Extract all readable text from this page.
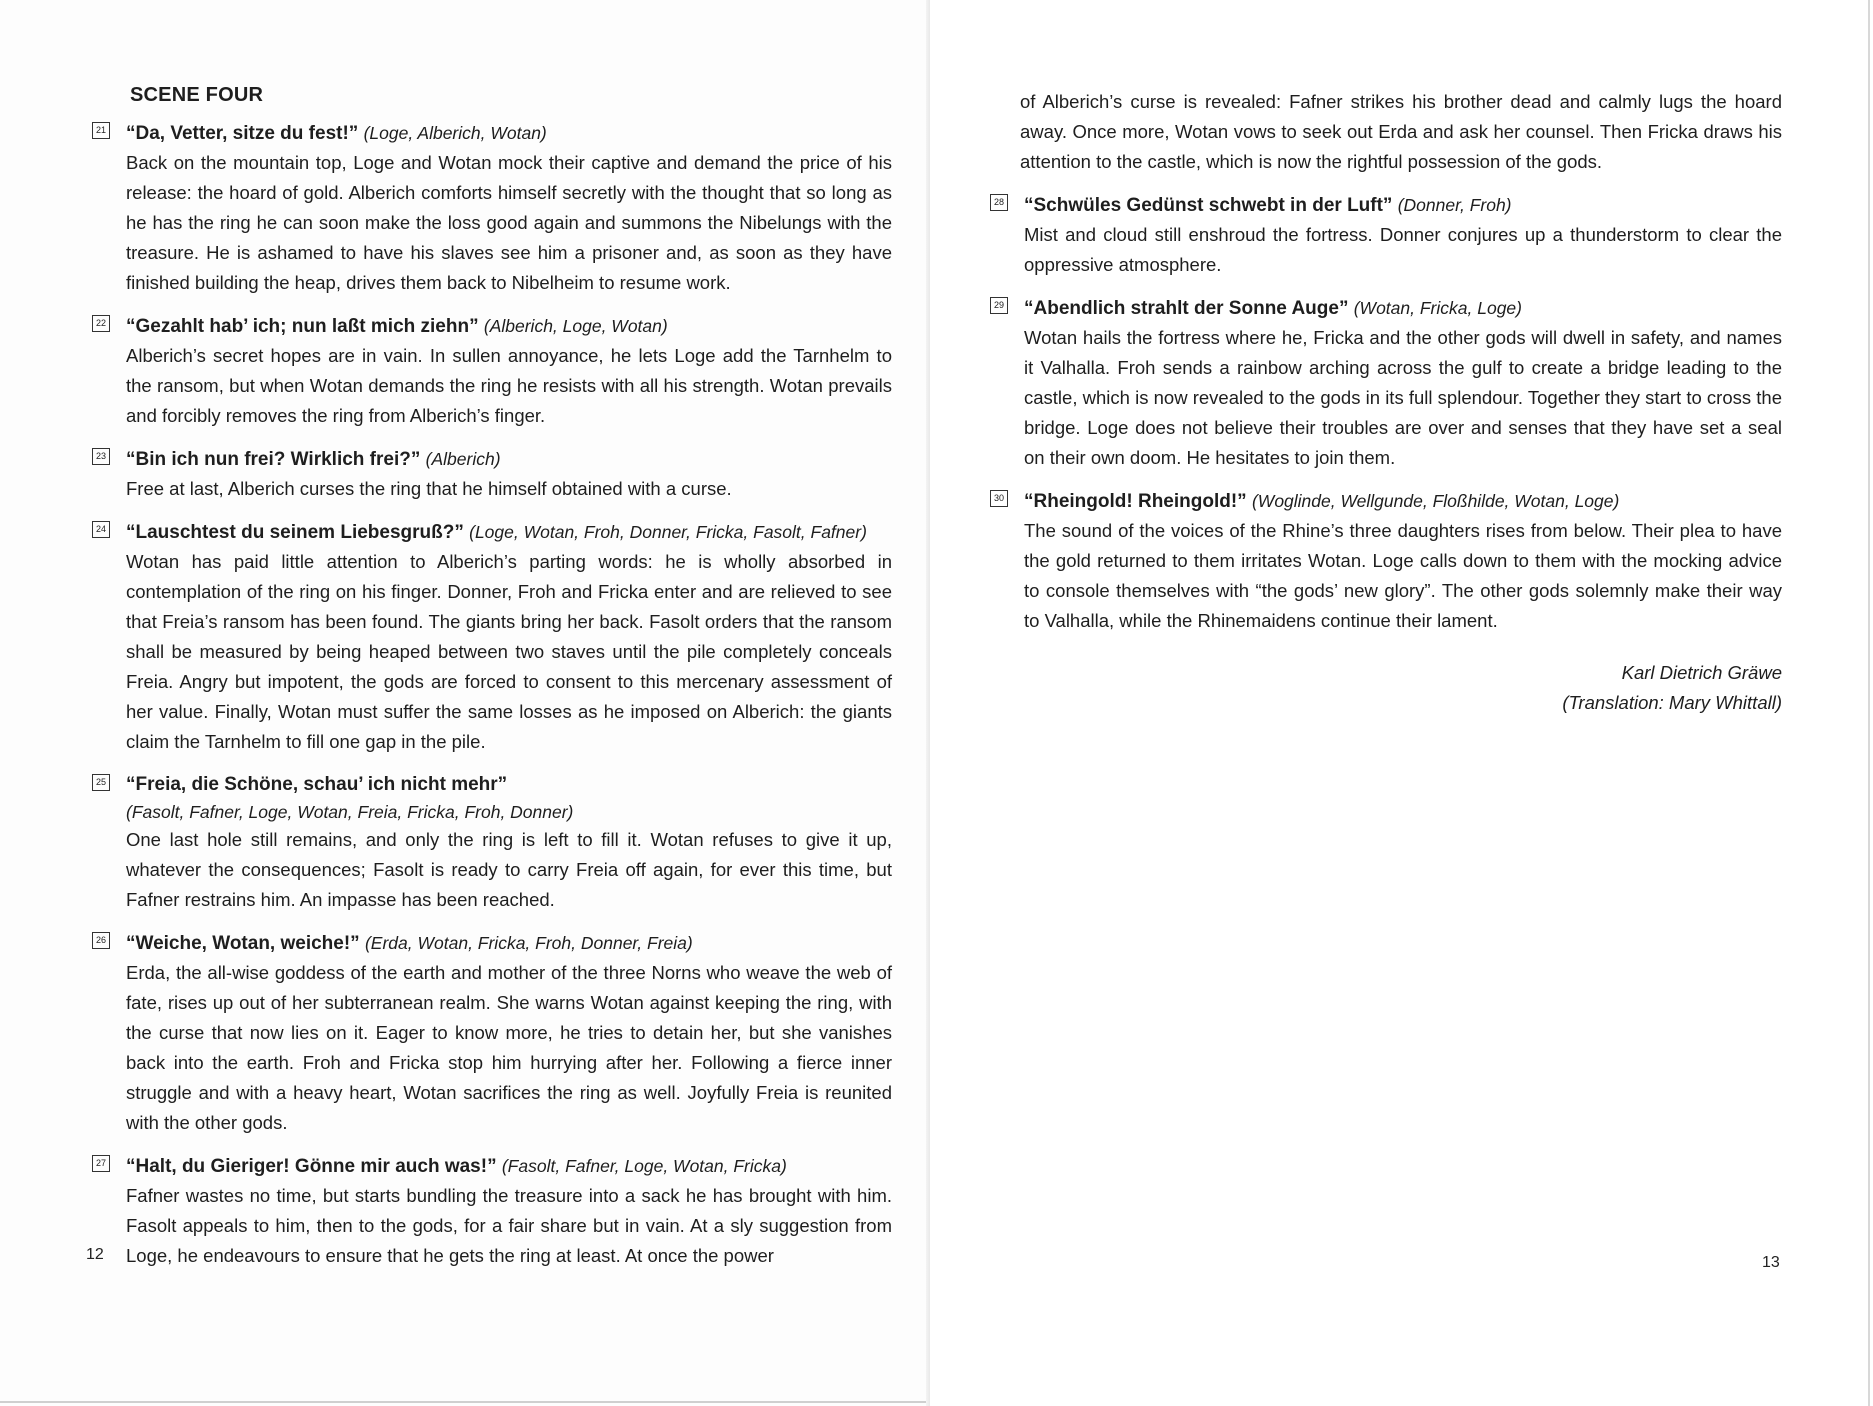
SCENE FOUR
21 “Da, Vetter, sitze du fest!” (Loge, Alberich, Wotan)

Back on the mountain top, Loge and Wotan mock their captive and demand the price of his release: the hoard of gold. Alberich comforts himself secretly with the thought that so long as he has the ring he can soon make the loss good again and summons the Nibelungs with the treasure. He is ashamed to have his slaves see him a prisoner and, as soon as they have finished building the heap, drives them back to Nibelheim to resume work.

22 “Gezahlt hab’ ich; nun laßt mich ziehn” (Alberich, Loge, Wotan)

Alberich’s secret hopes are in vain. In sullen annoyance, he lets Loge add the Tarnhelm to the ransom, but when Wotan demands the ring he resists with all his strength. Wotan prevails and forcibly removes the ring from Alberich’s finger.

23 “Bin ich nun frei? Wirklich frei?” (Alberich)

Free at last, Alberich curses the ring that he himself obtained with a curse.

24 “Lauschtest du seinem Liebesgruß?” (Loge, Wotan, Froh, Donner, Fricka, Fasolt, Fafner)

Wotan has paid little attention to Alberich’s parting words: he is wholly absorbed in contemplation of the ring on his finger. Donner, Froh and Fricka enter and are relieved to see that Freia’s ransom has been found. The giants bring her back. Fasolt orders that the ransom shall be measured by being heaped between two staves until the pile completely conceals Freia. Angry but impotent, the gods are forced to consent to this mercenary assessment of her value. Finally, Wotan must suffer the same losses as he imposed on Alberich: the giants claim the Tarnhelm to fill one gap in the pile.

25 “Freia, die Schöne, schau’ ich nicht mehr”
(Fasolt, Fafner, Loge, Wotan, Freia, Fricka, Froh, Donner)

One last hole still remains, and only the ring is left to fill it. Wotan refuses to give it up, whatever the consequences; Fasolt is ready to carry Freia off again, for ever this time, but Fafner restrains him. An impasse has been reached.

26 “Weiche, Wotan, weiche!” (Erda, Wotan, Fricka, Froh, Donner, Freia)

Erda, the all-wise goddess of the earth and mother of the three Norns who weave the web of fate, rises up out of her subterranean realm. She warns Wotan against keeping the ring, with the curse that now lies on it. Eager to know more, he tries to detain her, but she vanishes back into the earth. Froh and Fricka stop him hurrying after her. Following a fierce inner struggle and with a heavy heart, Wotan sacrifices the ring as well. Joyfully Freia is reunited with the other gods.

27 “Halt, du Gieriger! Gönne mir auch was!” (Fasolt, Fafner, Loge, Wotan, Fricka)

Fafner wastes no time, but starts bundling the treasure into a sack he has brought with him. Fasolt appeals to him, then to the gods, for a fair share but in vain. At a sly suggestion from Loge, he endeavours to ensure that he gets the ring at least. At once the power

12

of Alberich’s curse is revealed: Fafner strikes his brother dead and calmly lugs the hoard away. Once more, Wotan vows to seek out Erda and ask her counsel. Then Fricka draws his attention to the castle, which is now the rightful possession of the gods.

28 “Schwüles Gedünst schwebt in der Luft” (Donner, Froh)

Mist and cloud still enshroud the fortress. Donner conjures up a thunderstorm to clear the oppressive atmosphere.

29 “Abendlich strahlt der Sonne Auge” (Wotan, Fricka, Loge)

Wotan hails the fortress where he, Fricka and the other gods will dwell in safety, and names it Valhalla. Froh sends a rainbow arching across the gulf to create a bridge leading to the castle, which is now revealed to the gods in its full splendour. Together they start to cross the bridge. Loge does not believe their troubles are over and senses that they have set a seal on their own doom. He hesitates to join them.

30 “Rheingold! Rheingold!” (Woglinde, Wellgunde, Floßhilde, Wotan, Loge)

The sound of the voices of the Rhine’s three daughters rises from below. Their plea to have the gold returned to them irritates Wotan. Loge calls down to them with the mocking advice to console themselves with “the gods’ new glory”. The other gods solemnly make their way to Valhalla, while the Rhinemaidens continue their lament.

Karl Dietrich Gräwe
(Translation: Mary Whittall)
13
